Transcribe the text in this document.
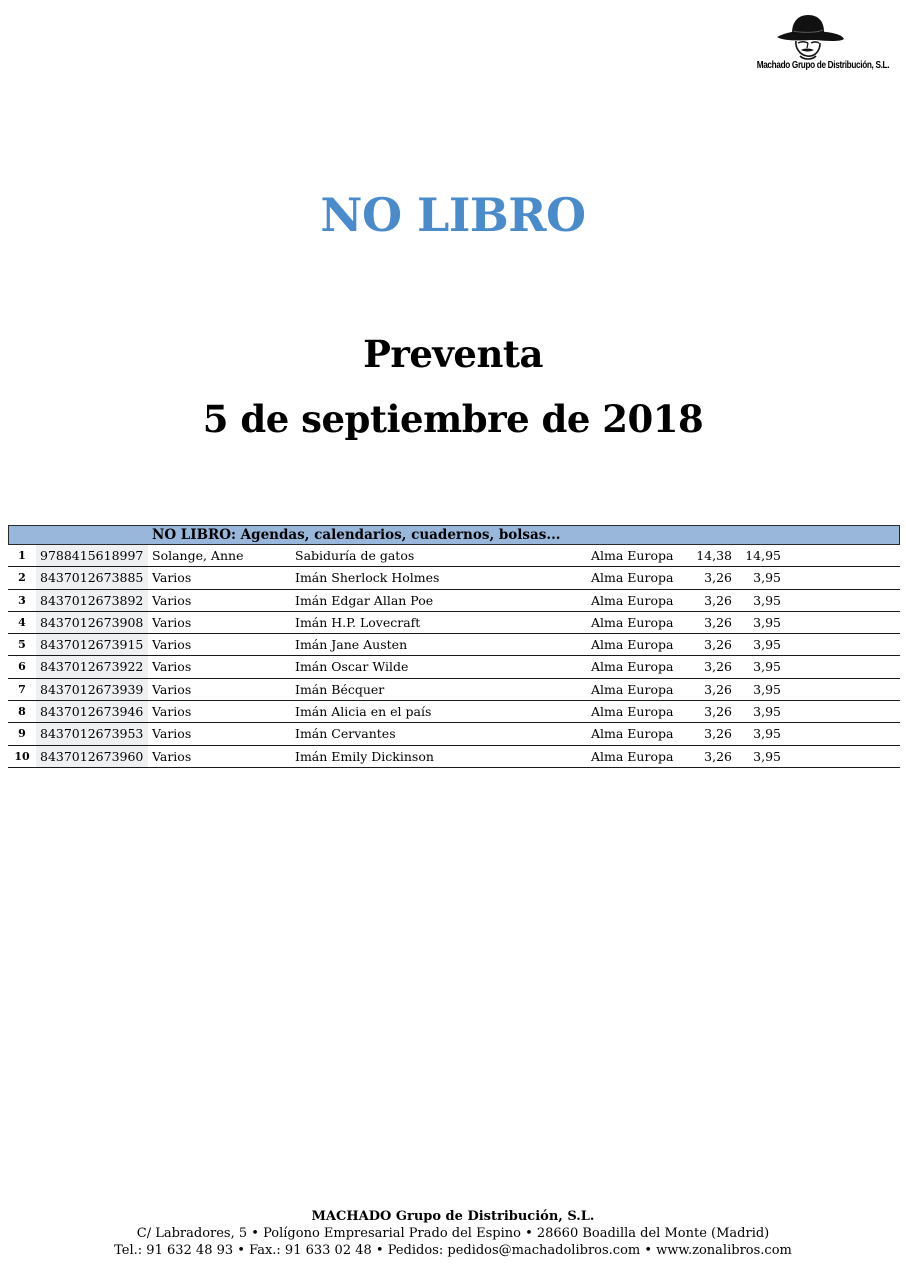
Machado Grupo de Distribución, S.L.
NO LIBRO
Preventa
5 de septiembre de 2018
NO LIBRO: Agendas, calendarios, cuadernos, bolsas...
1	9788415618997 Solange, Anne	Sabiduría de gatos	Alma Europa	14,38	14,95
2	8437012673885 Varios	Imán Sherlock Holmes	Alma Europa	3,26	3,95
3	8437012673892 Varios	Imán Edgar Allan Poe	Alma Europa	3,26	3,95
4	8437012673908 Varios	Imán H.P. Lovecraft	Alma Europa	3,26	3,95
5	8437012673915 Varios	Imán Jane Austen	Alma Europa	3,26	3,95
6	8437012673922 Varios	Imán Oscar Wilde	Alma Europa	3,26	3,95
7	8437012673939 Varios	Imán Bécquer	Alma Europa	3,26	3,95
8	8437012673946 Varios	Imán Alicia en el país	Alma Europa	3,26	3,95
9	8437012673953 Varios	Imán Cervantes	Alma Europa	3,26	3,95
10 8437012673960 Varios	Imán Emily Dickinson	Alma Europa	3,26	3,95
MACHADO Grupo de Distribución, S.L.
C/ Labradores, 5 • Polígono Empresarial Prado del Espino • 28660 Boadilla del Monte (Madrid)
Tel.: 91 632 48 93 • Fax.: 91 633 02 48 • Pedidos: pedidos@machadolibros.com • www.zonalibros.com
